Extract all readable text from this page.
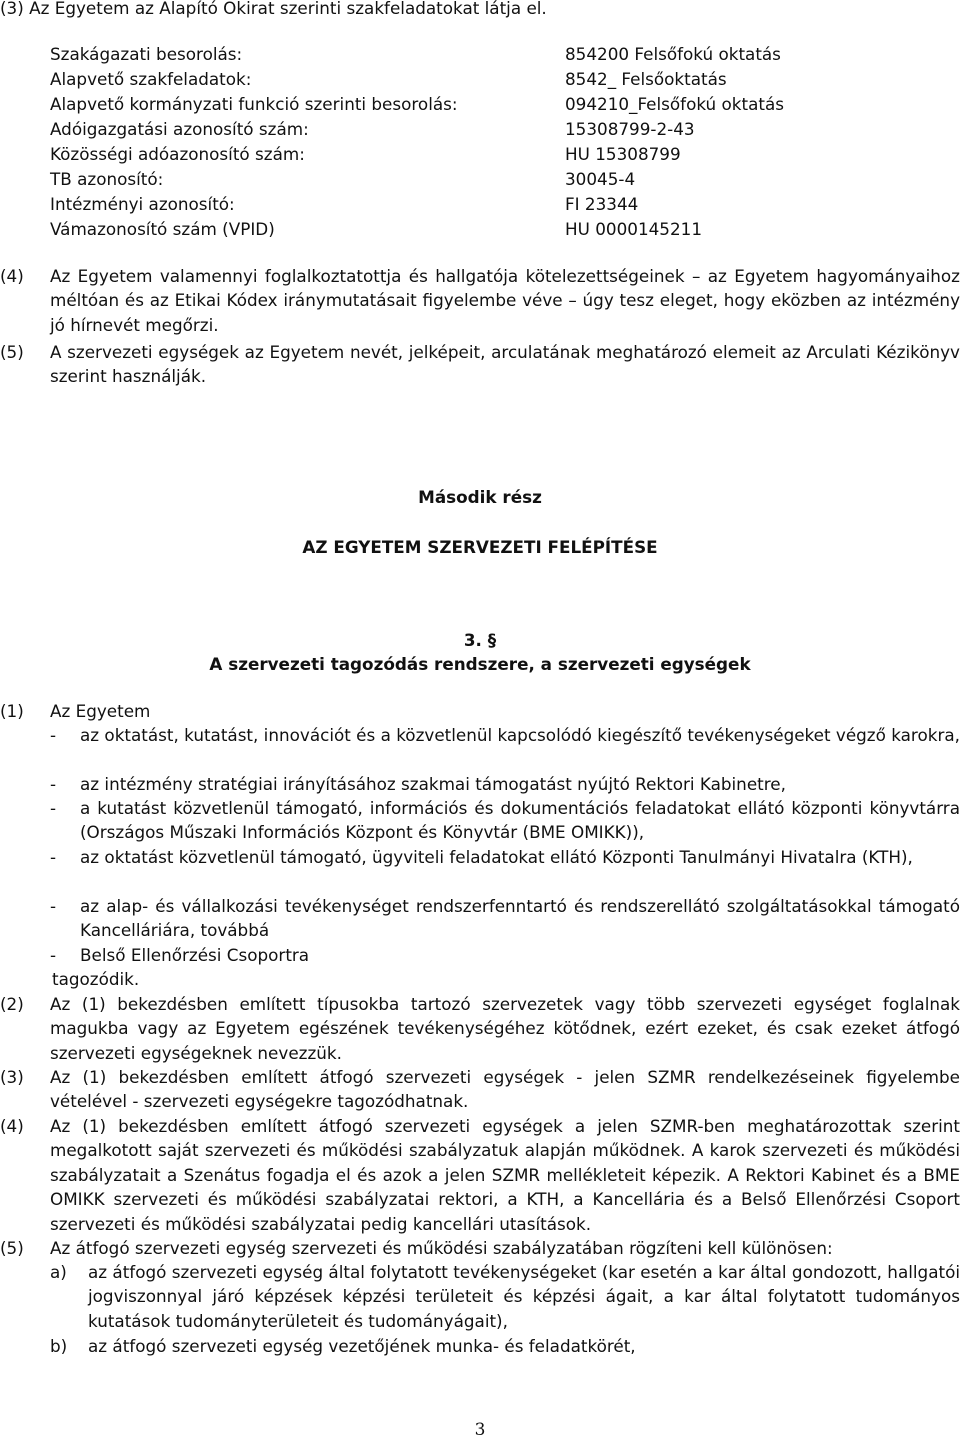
(3) Az Egyetem az Alapító Okirat szerinti szakfeladatokat látja el.
Szakágazati besorolás:	854200 Felsőfokú oktatás
Alapvető szakfeladatok:	8542_ Felsőoktatás
Alapvető kormányzati funkció szerinti besorolás:	094210_Felsőfokú oktatás
Adóigazgatási azonosító szám:	15308799-2-43
Közösségi adóazonosító szám:	HU 15308799
TB azonosító:	30045-4
Intézményi azonosító:	FI 23344
Vámazonosító szám (VPID)	HU 0000145211
(4) Az Egyetem valamennyi foglalkoztatottja és hallgatója kötelezettségeinek – az Egyetem hagyományaihoz méltóan és az Etikai Kódex iránymutatásait figyelembe véve – úgy tesz eleget, hogy eközben az intézmény jó hírnevét megőrzi.
(5) A szervezeti egységek az Egyetem nevét, jelképeit, arculatának meghatározó elemeit az Arculati Kézikönyv szerint használják.
Második rész
AZ EGYETEM SZERVEZETI FELÉPÍTÉSE
3. §
A szervezeti tagozódás rendszere, a szervezeti egységek
(1) Az Egyetem
- az oktatást, kutatást, innovációt és a közvetlenül kapcsolódó kiegészítő tevékenységeket végző karokra,
- az intézmény stratégiai irányításához szakmai támogatást nyújtó Rektori Kabinetre,
- a kutatást közvetlenül támogató, információs és dokumentációs feladatokat ellátó központi könyvtárra (Országos Műszaki Információs Központ és Könyvtár (BME OMIKK)),
- az oktatást közvetlenül támogató, ügyviteli feladatokat ellátó Központi Tanulmányi Hivatalra (KTH),
- az alap- és vállalkozási tevékenységet rendszerfenntartó és rendszerellátó szolgáltatásokkal támogató Kancelláriára, továbbá
- Belső Ellenőrzési Csoportra
tagozódik.
(2) Az (1) bekezdésben említett típusokba tartozó szervezetek vagy több szervezeti egységet foglalnak magukba vagy az Egyetem egészének tevékenységéhez kötődnek, ezért ezeket, és csak ezeket átfogó szervezeti egységeknek nevezzük.
(3) Az (1) bekezdésben említett átfogó szervezeti egységek - jelen SZMR rendelkezéseinek figyelembe vételével - szervezeti egységekre tagozódhatnak.
(4) Az (1) bekezdésben említett átfogó szervezeti egységek a jelen SZMR-ben meghatározottak szerint megalkotott saját szervezeti és működési szabályzatuk alapján működnek. A karok szervezeti és működési szabályzatait a Szenátus fogadja el és azok a jelen SZMR mellékleteit képezik. A Rektori Kabinet és a BME OMIKK szervezeti és működési szabályzatai rektori, a KTH, a Kancellária és a Belső Ellenőrzési Csoport szervezeti és működési szabályzatai pedig kancellári utasítások.
(5) Az átfogó szervezeti egység szervezeti és működési szabályzatában rögzíteni kell különösen:
a) az átfogó szervezeti egység által folytatott tevékenységeket (kar esetén a kar által gondozott, hallgatói jogviszonnyal járó képzések képzési területeit és képzési ágait, a kar által folytatott tudományos kutatások tudományterületeit és tudományágait),
b) az átfogó szervezeti egység vezetőjének munka- és feladatkörét,
3
